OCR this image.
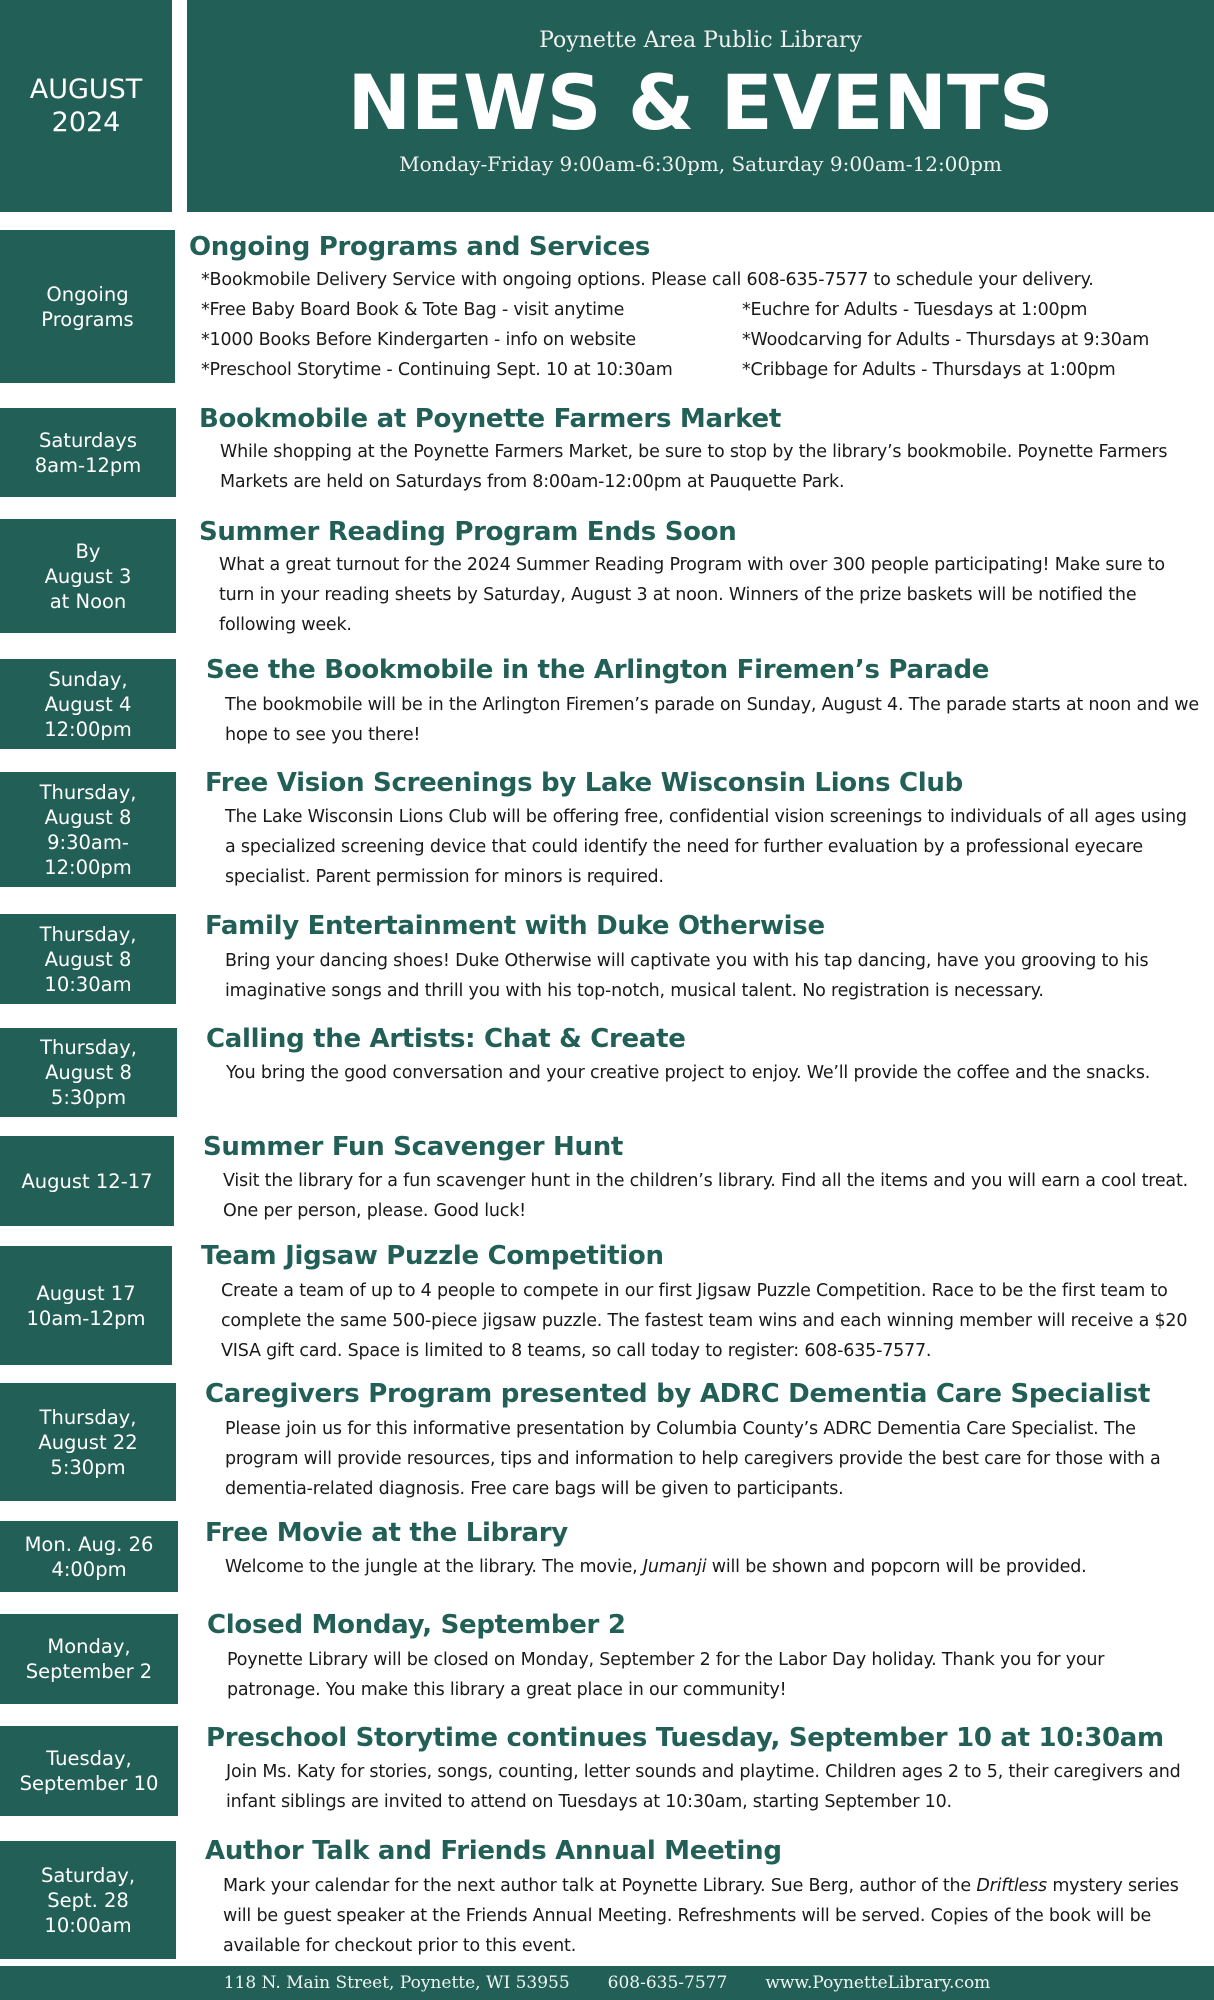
AUGUST
2024
Poynette Area Public Library
NEWS & EVENTS
Monday-Friday 9:00am-6:30pm, Saturday 9:00am-12:00pm
Ongoing
Programs
Ongoing Programs and Services
*Bookmobile Delivery Service with ongoing options. Please call 608-635-7577 to schedule your delivery.
*Free Baby Board Book & Tote Bag - visit anytime
*1000 Books Before Kindergarten - info on website
*Preschool Storytime - Continuing Sept. 10 at 10:30am
*Euchre for Adults - Tuesdays at 1:00pm
*Woodcarving for Adults - Thursdays at 9:30am
*Cribbage for Adults - Thursdays at 1:00pm
Saturdays
8am-12pm
Bookmobile at Poynette Farmers Market
While shopping at the Poynette Farmers Market, be sure to stop by the library’s bookmobile. Poynette Farmers Markets are held on Saturdays from 8:00am-12:00pm at Pauquette Park.
By
August 3
at Noon
Summer Reading Program Ends Soon
What a great turnout for the 2024 Summer Reading Program with over 300 people participating! Make sure to turn in your reading sheets by Saturday, August 3 at noon. Winners of the prize baskets will be notified the following week.
Sunday,
August 4
12:00pm
See the Bookmobile in the Arlington Firemen’s Parade
The bookmobile will be in the Arlington Firemen’s parade on Sunday, August 4. The parade starts at noon and we hope to see you there!
Thursday,
August 8
9:30am-
12:00pm
Free Vision Screenings by Lake Wisconsin Lions Club
The Lake Wisconsin Lions Club will be offering free, confidential vision screenings to individuals of all ages using a specialized screening device that could identify the need for further evaluation by a professional eyecare specialist. Parent permission for minors is required.
Thursday,
August 8
10:30am
Family Entertainment with Duke Otherwise
Bring your dancing shoes! Duke Otherwise will captivate you with his tap dancing, have you grooving to his imaginative songs and thrill you with his top-notch, musical talent. No registration is necessary.
Thursday,
August 8
5:30pm
Calling the Artists: Chat & Create
You bring the good conversation and your creative project to enjoy. We’ll provide the coffee and the snacks.
August 12-17
Summer Fun Scavenger Hunt
Visit the library for a fun scavenger hunt in the children’s library. Find all the items and you will earn a cool treat. One per person, please. Good luck!
August 17
10am-12pm
Team Jigsaw Puzzle Competition
Create a team of up to 4 people to compete in our first Jigsaw Puzzle Competition. Race to be the first team to complete the same 500-piece jigsaw puzzle. The fastest team wins and each winning member will receive a $20 VISA gift card. Space is limited to 8 teams, so call today to register: 608-635-7577.
Thursday,
August 22
5:30pm
Caregivers Program presented by ADRC Dementia Care Specialist
Please join us for this informative presentation by Columbia County’s ADRC Dementia Care Specialist. The program will provide resources, tips and information to help caregivers provide the best care for those with a dementia-related diagnosis. Free care bags will be given to participants.
Mon. Aug. 26
4:00pm
Free Movie at the Library
Welcome to the jungle at the library. The movie, Jumanji will be shown and popcorn will be provided.
Monday,
September 2
Closed Monday, September 2
Poynette Library will be closed on Monday, September 2 for the Labor Day holiday. Thank you for your patronage. You make this library a great place in our community!
Tuesday,
September 10
Preschool Storytime continues Tuesday, September 10 at 10:30am
Join Ms. Katy for stories, songs, counting, letter sounds and playtime. Children ages 2 to 5, their caregivers and infant siblings are invited to attend on Tuesdays at 10:30am, starting September 10.
Saturday,
Sept. 28
10:00am
Author Talk and Friends Annual Meeting
Mark your calendar for the next author talk at Poynette Library. Sue Berg, author of the Driftless mystery series will be guest speaker at the Friends Annual Meeting. Refreshments will be served. Copies of the book will be available for checkout prior to this event.
118 N. Main Street, Poynette, WI 53955 608-635-7577 www.PoynetteLibrary.com
